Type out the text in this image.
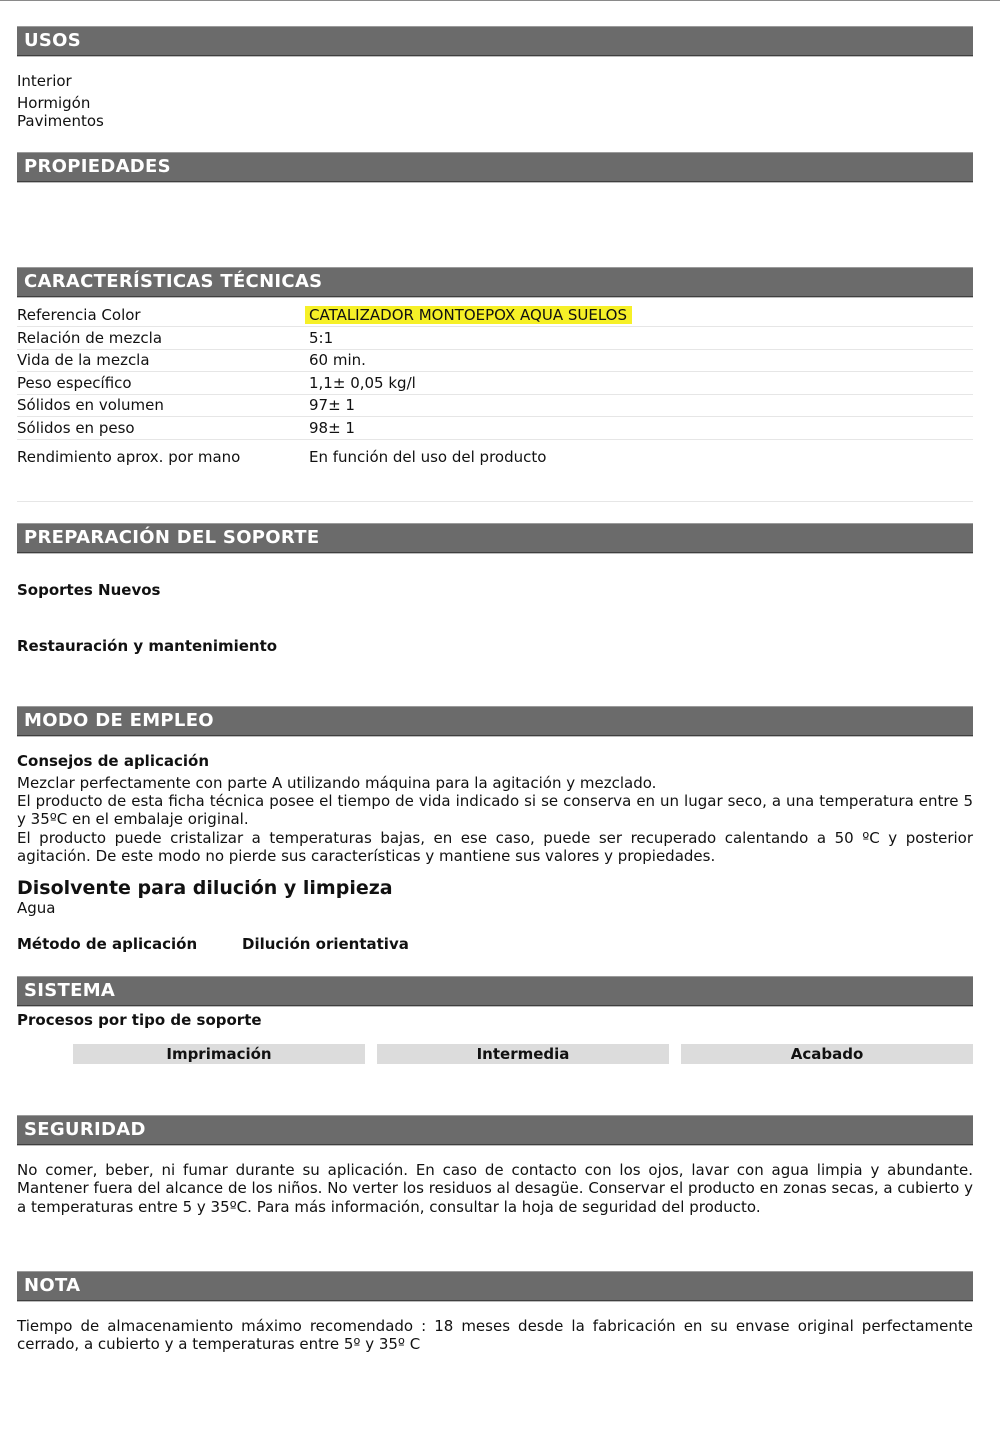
USOS
Interior
Hormigón
Pavimentos
PROPIEDADES
CARACTERÍSTICAS TÉCNICAS
Referencia Color	CATALIZADOR MONTOEPOX AQUA SUELOS
Relación de mezcla	5:1
Vida de la mezcla	60 min.
Peso específico	1,1± 0,05 kg/l
Sólidos en volumen	97± 1
Sólidos en peso	98± 1
Rendimiento aprox. por mano	En función del uso del producto
PREPARACIÓN DEL SOPORTE
Soportes Nuevos
Restauración y mantenimiento
MODO DE EMPLEO
Consejos de aplicación
Mezclar perfectamente con parte A utilizando máquina para la agitación y mezclado.
El producto de esta ficha técnica posee el tiempo de vida indicado si se conserva en un lugar seco, a una temperatura entre 5 y 35ºC en el embalaje original.
El producto puede cristalizar a temperaturas bajas, en ese caso, puede ser recuperado calentando a 50 ºC y posterior agitación. De este modo no pierde sus características y mantiene sus valores y propiedades.
Disolvente para dilución y limpieza
Agua
Método de aplicación	Dilución orientativa
SISTEMA
Procesos por tipo de soporte
Imprimación	Intermedia	Acabado
SEGURIDAD
No comer, beber, ni fumar durante su aplicación. En caso de contacto con los ojos, lavar con agua limpia y abundante. Mantener fuera del alcance de los niños. No verter los residuos al desagüe. Conservar el producto en zonas secas, a cubierto y a temperaturas entre 5 y 35ºC. Para más información, consultar la hoja de seguridad del producto.
NOTA
Tiempo de almacenamiento máximo recomendado : 18 meses desde la fabricación en su envase original perfectamente cerrado, a cubierto y a temperaturas entre 5º y 35º C
